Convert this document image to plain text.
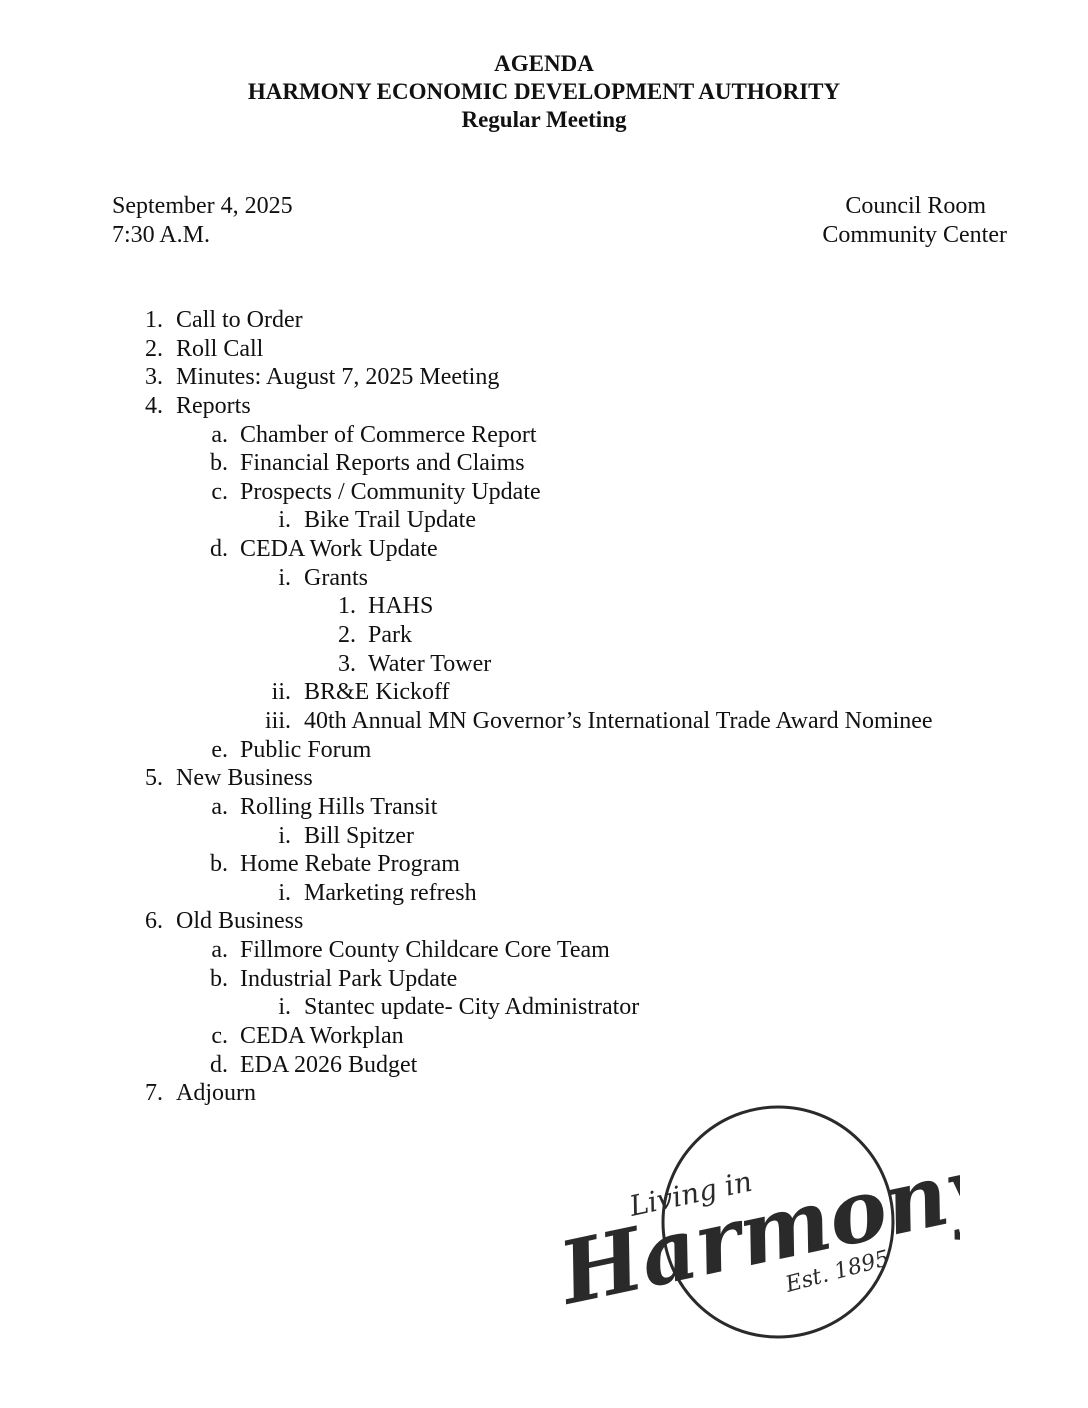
AGENDA
HARMONY ECONOMIC DEVELOPMENT AUTHORITY
Regular Meeting
September 4, 2025
7:30 A.M.
Council Room
Community Center
1. Call to Order
2. Roll Call
3. Minutes: August 7, 2025 Meeting
4. Reports
a. Chamber of Commerce Report
b. Financial Reports and Claims
c. Prospects / Community Update
i. Bike Trail Update
d. CEDA Work Update
i. Grants
1. HAHS
2. Park
3. Water Tower
ii. BR&E Kickoff
iii. 40th Annual MN Governor’s International Trade Award Nominee
e. Public Forum
5. New Business
a. Rolling Hills Transit
i. Bill Spitzer
b. Home Rebate Program
i. Marketing refresh
6. Old Business
a. Fillmore County Childcare Core Team
b. Industrial Park Update
i. Stantec update- City Administrator
c. CEDA Workplan
d. EDA 2026 Budget
7. Adjourn
Living in
Harmony
Est. 1895
